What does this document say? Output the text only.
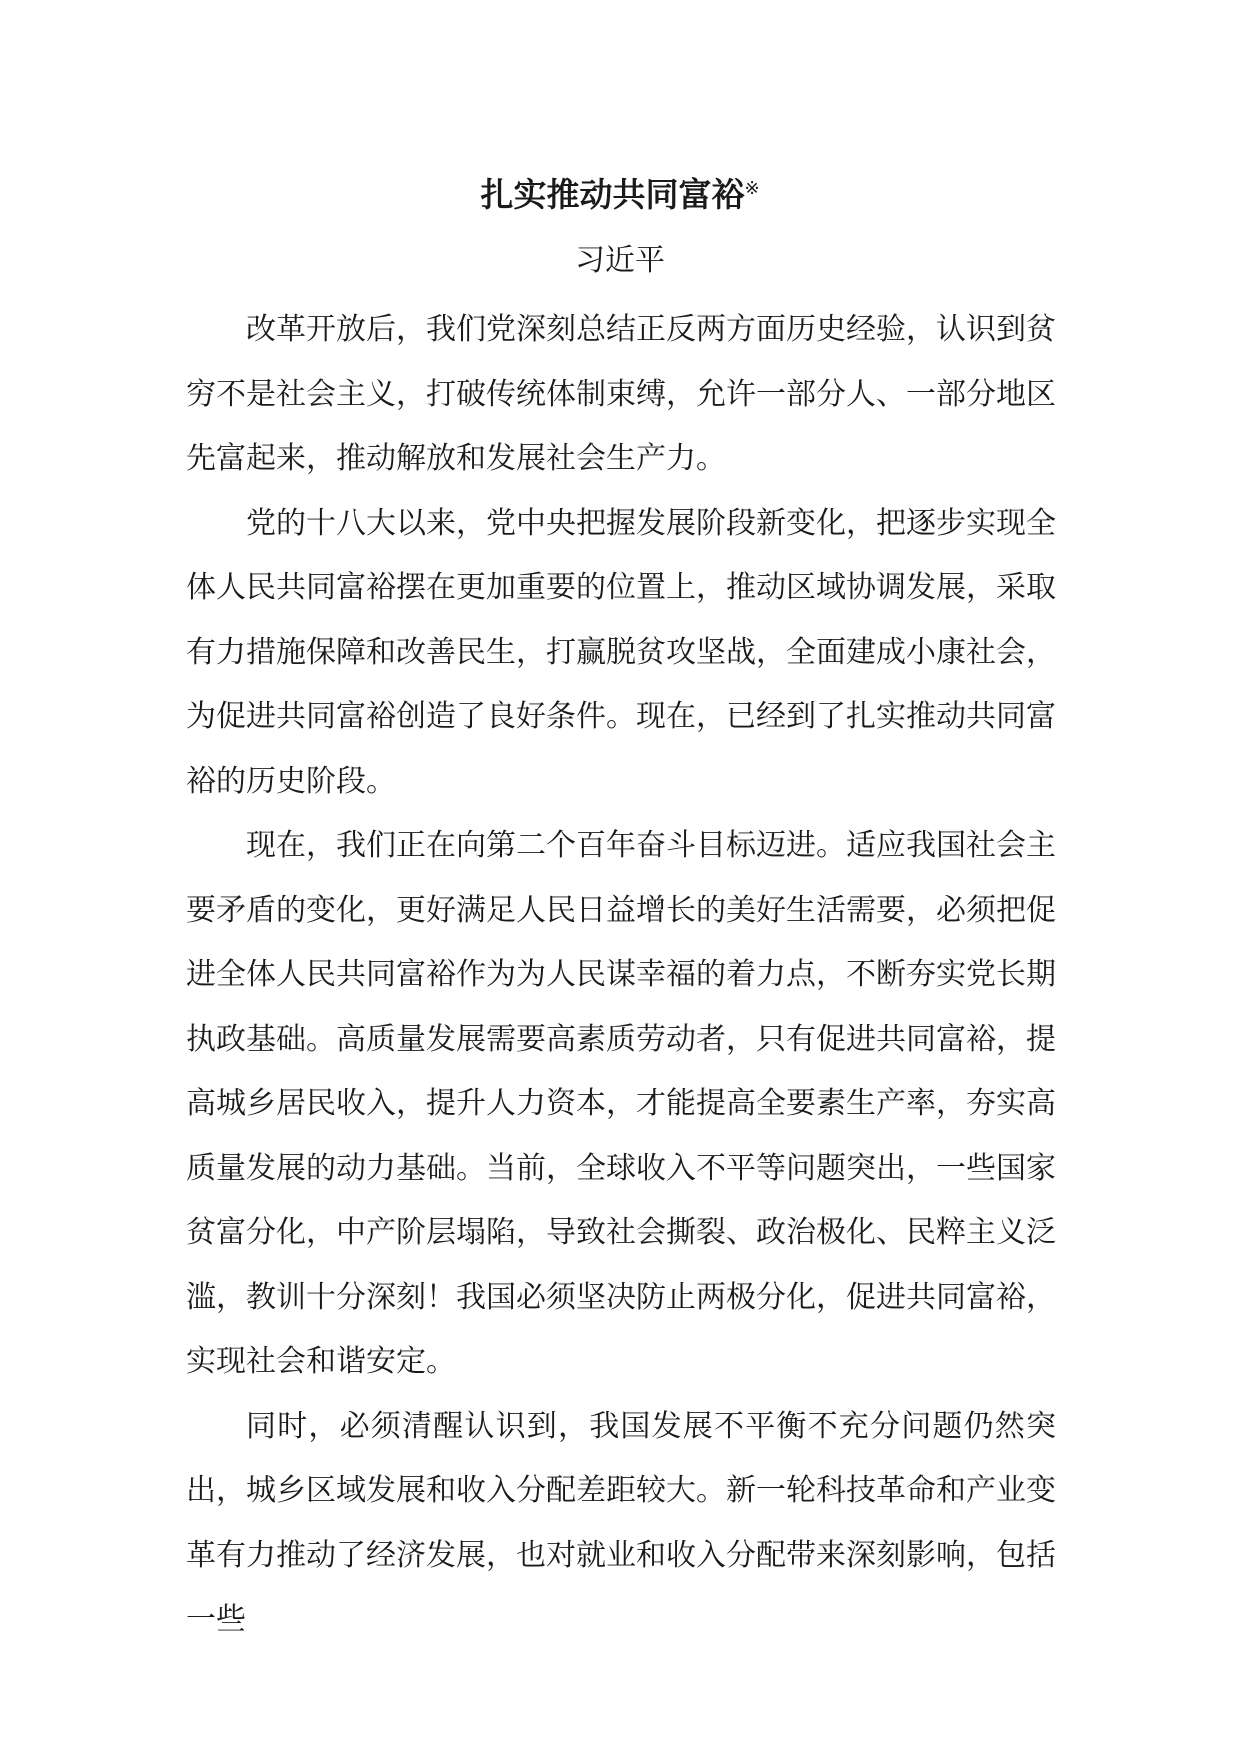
扎实推动共同富裕※
习近平

改革开放后，我们党深刻总结正反两方面历史经验，认识到贫穷不是社会主义，打破传统体制束缚，允许一部分人、一部分地区先富起来，推动解放和发展社会生产力。

党的十八大以来，党中央把握发展阶段新变化，把逐步实现全体人民共同富裕摆在更加重要的位置上，推动区域协调发展，采取有力措施保障和改善民生，打赢脱贫攻坚战，全面建成小康社会，为促进共同富裕创造了良好条件。现在，已经到了扎实推动共同富裕的历史阶段。

现在，我们正在向第二个百年奋斗目标迈进。适应我国社会主要矛盾的变化，更好满足人民日益增长的美好生活需要，必须把促进全体人民共同富裕作为为人民谋幸福的着力点，不断夯实党长期执政基础。高质量发展需要高素质劳动者，只有促进共同富裕，提高城乡居民收入，提升人力资本，才能提高全要素生产率，夯实高质量发展的动力基础。当前，全球收入不平等问题突出，一些国家贫富分化，中产阶层塌陷，导致社会撕裂、政治极化、民粹主义泛滥，教训十分深刻！我国必须坚决防止两极分化，促进共同富裕，实现社会和谐安定。

同时，必须清醒认识到，我国发展不平衡不充分问题仍然突出，城乡区域发展和收入分配差距较大。新一轮科技革命和产业变革有力推动了经济发展，也对就业和收入分配带来深刻影响，包括一些
